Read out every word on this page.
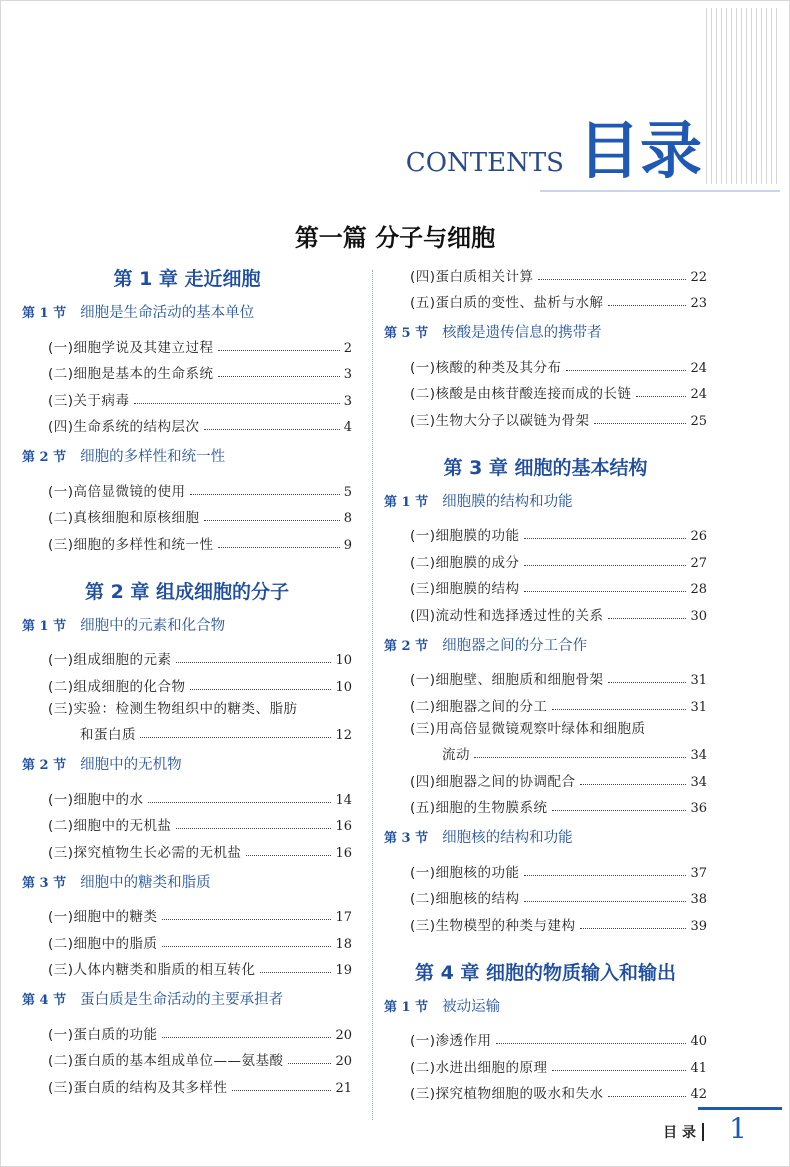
CONTENTS 目录
第一篇 分子与细胞
第 1 章 走近细胞
第 1 节 细胞是生命活动的基本单位
(一)细胞学说及其建立过程	2
(二)细胞是基本的生命系统	3
(三)关于病毒	3
(四)生命系统的结构层次	4
第 2 节 细胞的多样性和统一性
(一)高倍显微镜的使用	5
(二)真核细胞和原核细胞	8
(三)细胞的多样性和统一性	9
第 2 章 组成细胞的分子
第 1 节 细胞中的元素和化合物
(一)组成细胞的元素	10
(二)组成细胞的化合物	10
(三)实验：检测生物组织中的糖类、脂肪
和蛋白质	12
第 2 节 细胞中的无机物
(一)细胞中的水	14
(二)细胞中的无机盐	16
(三)探究植物生长必需的无机盐	16
第 3 节 细胞中的糖类和脂质
(一)细胞中的糖类	17
(二)细胞中的脂质	18
(三)人体内糖类和脂质的相互转化	19
第 4 节 蛋白质是生命活动的主要承担者
(一)蛋白质的功能	20
(二)蛋白质的基本组成单位——氨基酸	20
(三)蛋白质的结构及其多样性	21
(四)蛋白质相关计算	22
(五)蛋白质的变性、盐析与水解	23
第 5 节 核酸是遗传信息的携带者
(一)核酸的种类及其分布	24
(二)核酸是由核苷酸连接而成的长链	24
(三)生物大分子以碳链为骨架	25
第 3 章 细胞的基本结构
第 1 节 细胞膜的结构和功能
(一)细胞膜的功能	26
(二)细胞膜的成分	27
(三)细胞膜的结构	28
(四)流动性和选择透过性的关系	30
第 2 节 细胞器之间的分工合作
(一)细胞壁、细胞质和细胞骨架	31
(二)细胞器之间的分工	31
(三)用高倍显微镜观察叶绿体和细胞质
流动	34
(四)细胞器之间的协调配合	34
(五)细胞的生物膜系统	36
第 3 节 细胞核的结构和功能
(一)细胞核的功能	37
(二)细胞核的结构	38
(三)生物模型的种类与建构	39
第 4 章 细胞的物质输入和输出
第 1 节 被动运输
(一)渗透作用	40
(二)水进出细胞的原理	41
(三)探究植物细胞的吸水和失水	42
目 录 1
